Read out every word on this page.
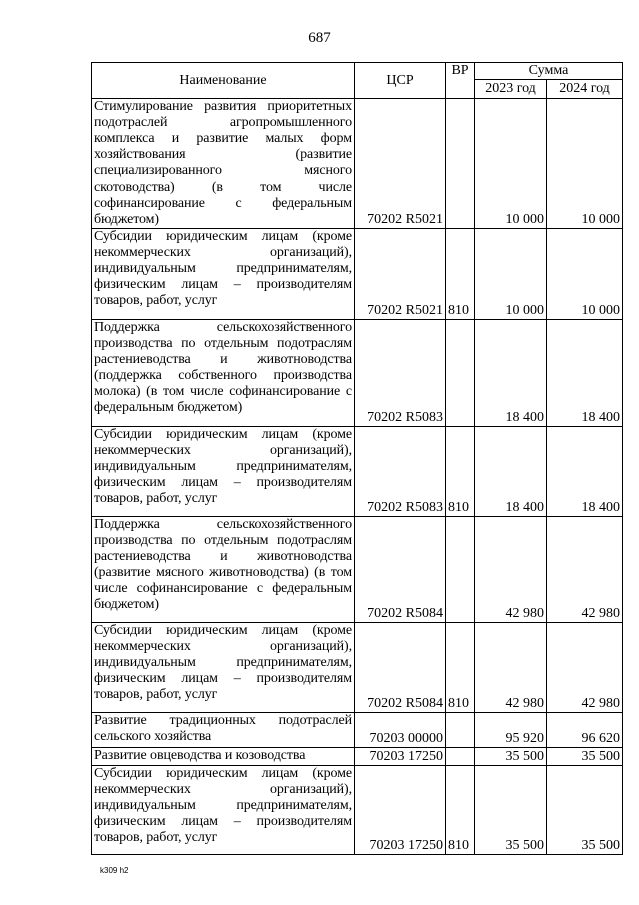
687
Наименование	ЦСР	ВР	Сумма	
			2023 год	2024 год
Стимулирование развития приоритетных подотраслей агропромышленного комплекса и развитие малых форм хозяйствования (развитие специализированного мясного скотоводства) (в том числе софинансирование с федеральным бюджетом)	70202 R5021		10 000	10 000
Субсидии юридическим лицам (кроме некоммерческих организаций), индивидуальным предпринимателям, физическим лицам – производителям товаров, работ, услуг	70202 R5021	810	10 000	10 000
Поддержка сельскохозяйственного производства по отдельным подотраслям растениеводства и животноводства (поддержка собственного производства молока) (в том числе софинансирование с федеральным бюджетом)	70202 R5083		18 400	18 400
Субсидии юридическим лицам (кроме некоммерческих организаций), индивидуальным предпринимателям, физическим лицам – производителям товаров, работ, услуг	70202 R5083	810	18 400	18 400
Поддержка сельскохозяйственного производства по отдельным подотраслям растениеводства и животноводства (развитие мясного животноводства) (в том числе софинансирование с федеральным бюджетом)	70202 R5084		42 980	42 980
Субсидии юридическим лицам (кроме некоммерческих организаций), индивидуальным предпринимателям, физическим лицам – производителям товаров, работ, услуг	70202 R5084	810	42 980	42 980
Развитие традиционных подотраслей сельского хозяйства	70203 00000		95 920	96 620
Развитие овцеводства и козоводства	70203 17250		35 500	35 500
Субсидии юридическим лицам (кроме некоммерческих организаций), индивидуальным предпринимателям, физическим лицам – производителям товаров, работ, услуг	70203 17250	810	35 500	35 500
k309 h2
